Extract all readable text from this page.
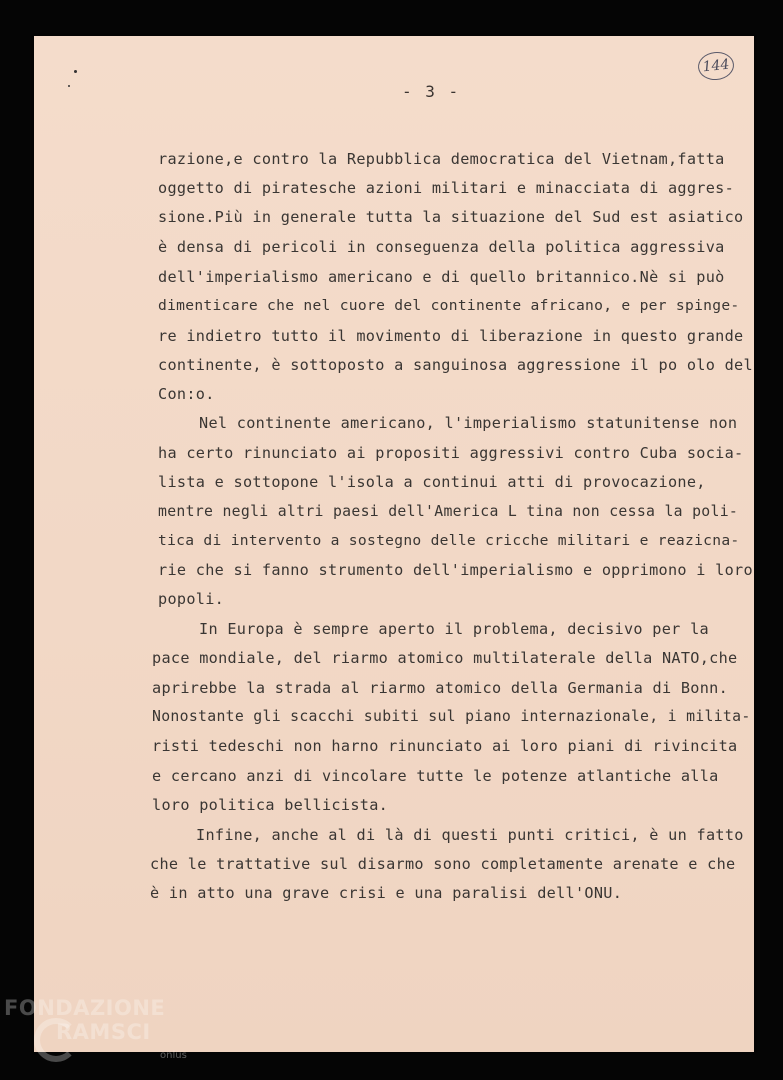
- 3 -
144
razione,e contro la Repubblica democratica del Vietnam,fatta
oggetto di piratesche azioni militari e minacciata di aggres-
sione.Più in generale tutta la situazione del Sud est asiatico
è densa di pericoli in conseguenza della politica aggressiva
dell'imperialismo americano e di quello britannico.Nè si può
dimenticare che nel cuore del continente africano, e per spinge-
re indietro tutto il movimento di liberazione in questo grande
continente, è sottoposto a sanguinosa aggressione il po olo del
Con:o.
Nel continente americano, l'imperialismo statunitense non
ha certo rinunciato ai propositi aggressivi contro Cuba socia-
lista e sottopone l'isola a continui atti di provocazione,
mentre negli altri paesi dell'America L tina non cessa la poli-
tica di intervento a sostegno delle cricche militari e reazicna-
rie che si fanno strumento dell'imperialismo e opprimono i loro
popoli.
In Europa è sempre aperto il problema, decisivo per la
pace mondiale, del riarmo atomico multilaterale della NATO,che
aprirebbe la strada al riarmo atomico della Germania di Bonn.
Nonostante gli scacchi subiti sul piano internazionale, i milita-
risti tedeschi non harno rinunciato ai loro piani di rivincita
e cercano anzi di vincolare tutte le potenze atlantiche alla
loro politica bellicista.
Infine, anche al di là di questi punti critici, è un fatto
che le trattative sul disarmo sono completamente arenate e che
è in atto una grave crisi e una paralisi dell'ONU.
FONDAZIONE
RAMSCI
onlus
